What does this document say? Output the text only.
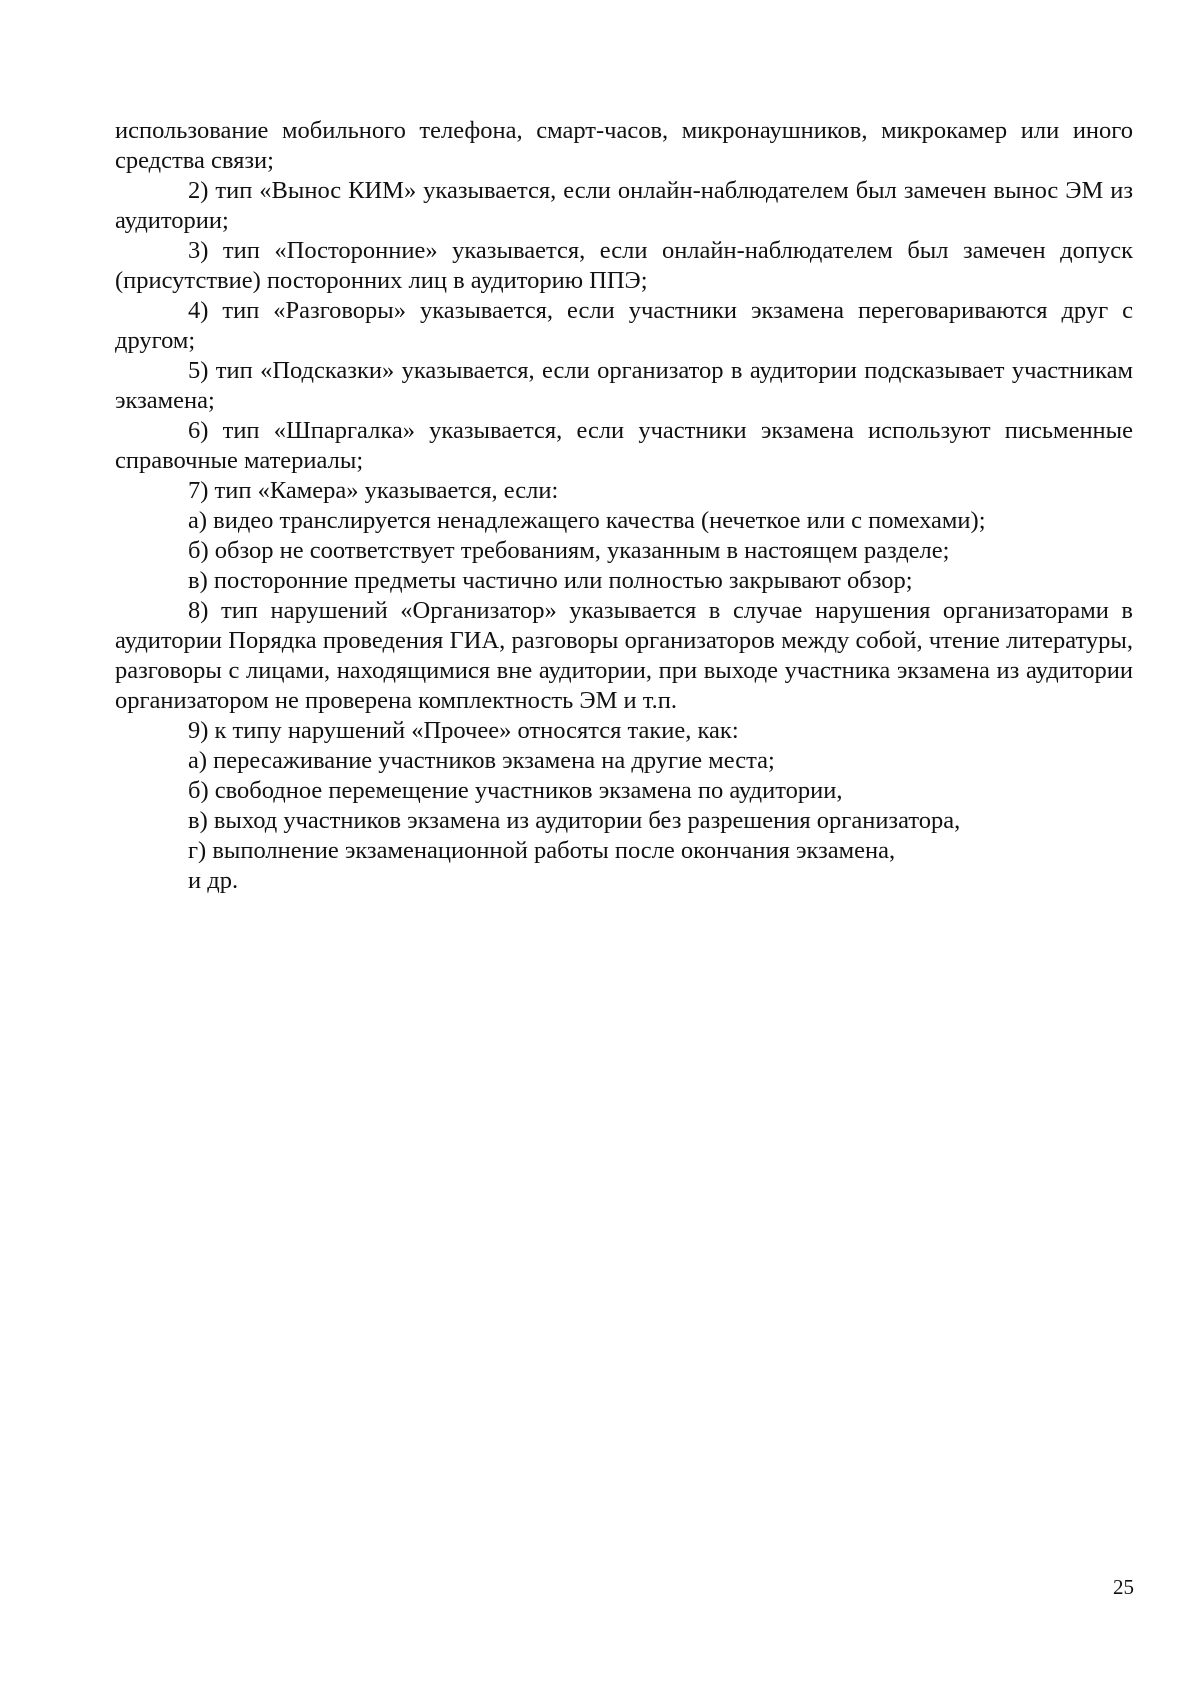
использование мобильного телефона, смарт-часов, микронаушников, микрокамер или иного средства связи;

2) тип «Вынос КИМ» указывается, если онлайн-наблюдателем был замечен вынос ЭМ из аудитории;

3) тип «Посторонние» указывается, если онлайн-наблюдателем был замечен допуск (присутствие) посторонних лиц в аудиторию ППЭ;

4) тип «Разговоры» указывается, если участники экзамена переговариваются друг с другом;

5) тип «Подсказки» указывается, если организатор в аудитории подсказывает участникам экзамена;

6) тип «Шпаргалка» указывается, если участники экзамена используют письменные справочные материалы;

7) тип «Камера» указывается, если:

а) видео транслируется ненадлежащего качества (нечеткое или с помехами);

б) обзор не соответствует требованиям, указанным в настоящем разделе;

в) посторонние предметы частично или полностью закрывают обзор;

8) тип нарушений «Организатор» указывается в случае нарушения организаторами в аудитории Порядка проведения ГИА, разговоры организаторов между собой, чтение литературы, разговоры с лицами, находящимися вне аудитории, при выходе участника экзамена из аудитории организатором не проверена комплектность ЭМ и т.п.

9) к типу нарушений «Прочее» относятся такие, как:

а) пересаживание участников экзамена на другие места;

б) свободное перемещение участников экзамена по аудитории,

в) выход участников экзамена из аудитории без разрешения организатора,

г) выполнение экзаменационной работы после окончания экзамена,

и др.

25
